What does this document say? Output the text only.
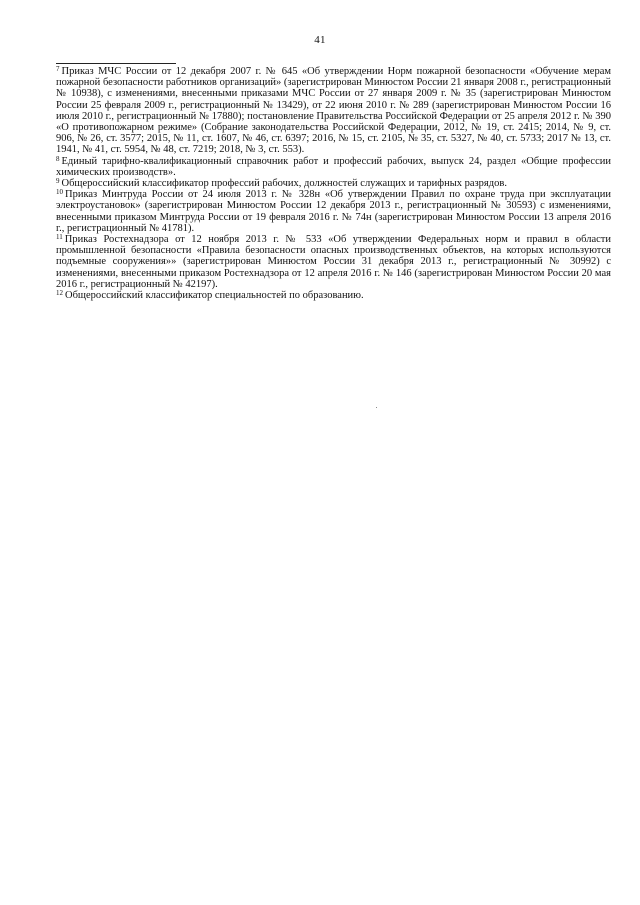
41

$^7$ Приказ МЧС России от 12 декабря 2007 г. № 645 «Об утверждении Норм пожарной безопасности «Обучение мерам пожарной безопасности работников организаций» (зарегистрирован Минюстом России 21 января 2008 г., регистрационный № 10938), с изменениями, внесенными приказами МЧС России от 27 января 2009 г. № 35 (зарегистрирован Минюстом России 25 февраля 2009 г., регистрационный № 13429), от 22 июня 2010 г. № 289 (зарегистрирован Минюстом России 16 июля 2010 г., регистрационный № 17880); постановление Правительства Российской Федерации от 25 апреля 2012 г. № 390 «О противопожарном режиме» (Собрание законодательства Российской Федерации, 2012, № 19, ст. 2415; 2014, № 9, ст. 906, № 26, ст. 3577; 2015, № 11, ст. 1607, № 46, ст. 6397; 2016, № 15, ст. 2105, № 35, ст. 5327, № 40, ст. 5733; 2017 № 13, ст. 1941, № 41, ст. 5954, № 48, ст. 7219; 2018, № 3, ст. 553).

$^8$ Единый тарифно-квалификационный справочник работ и профессий рабочих, выпуск 24, раздел «Общие профессии химических производств».

$^9$ Общероссийский классификатор профессий рабочих, должностей служащих и тарифных разрядов.

$^{10}$ Приказ Минтруда России от 24 июля 2013 г. № 328н «Об утверждении Правил по охране труда при эксплуатации электроустановок» (зарегистрирован Минюстом России 12 декабря 2013 г., регистрационный № 30593) с изменениями, внесенными приказом Минтруда России от 19 февраля 2016 г. № 74н (зарегистрирован Минюстом России 13 апреля 2016 г., регистрационный № 41781).

$^{11}$ Приказ Ростехнадзора от 12 ноября 2013 г. № 533 «Об утверждении Федеральных норм и правил в области промышленной безопасности «Правила безопасности опасных производственных объектов, на которых используются подъемные сооружения»» (зарегистрирован Минюстом России 31 декабря 2013 г., регистрационный № 30992) с изменениями, внесенными приказом Ростехнадзора от 12 апреля 2016 г. № 146 (зарегистрирован Минюстом России 20 мая 2016 г., регистрационный № 42197).

$^{12}$ Общероссийский классификатор специальностей по образованию.
